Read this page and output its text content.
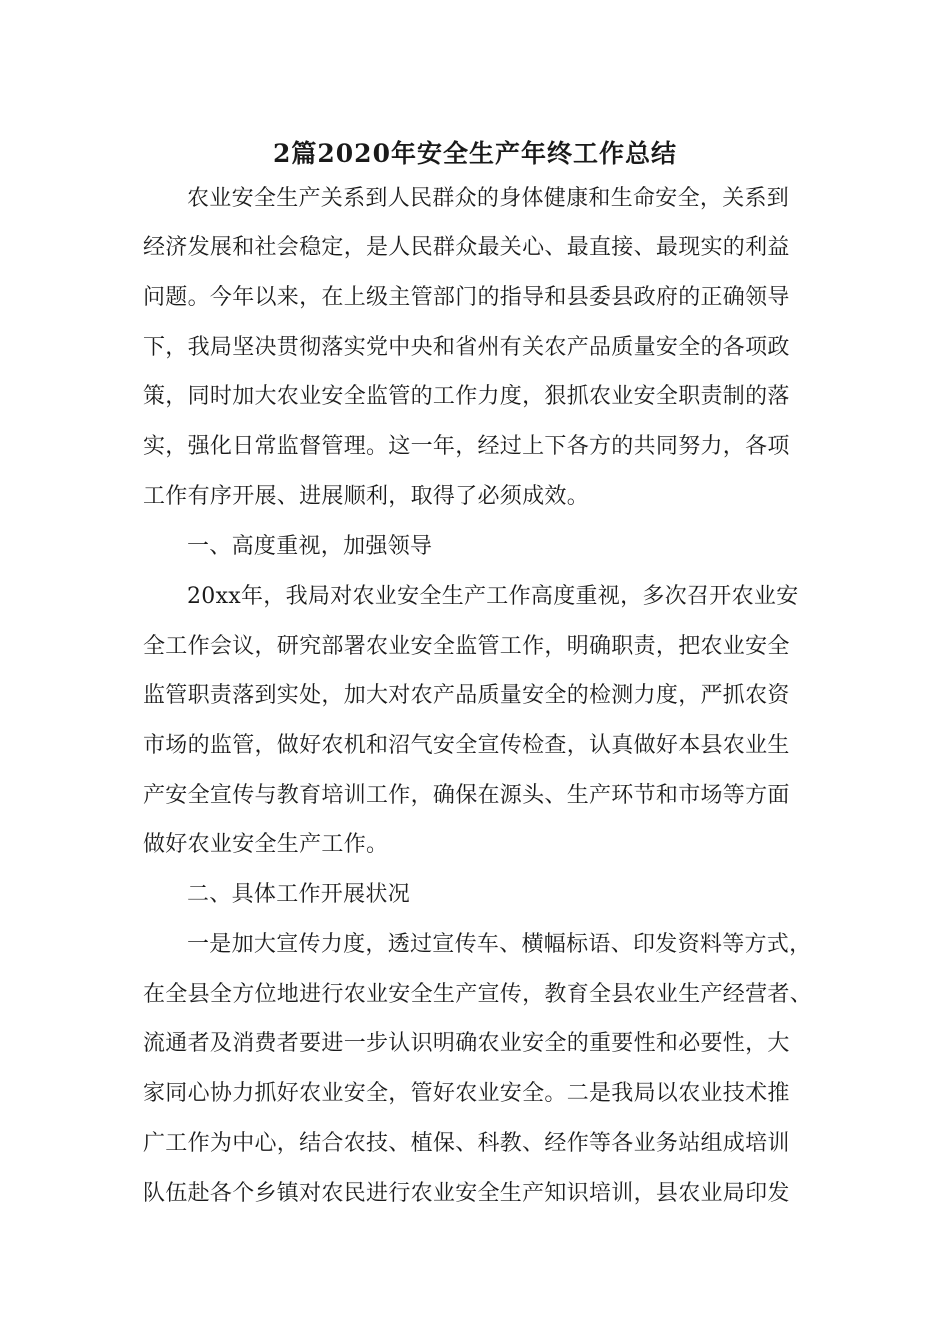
2篇2020年安全生产年终工作总结
农业安全生产关系到人民群众的身体健康和生命安全，关系到
经济发展和社会稳定，是人民群众最关心、最直接、最现实的利益
问题。今年以来，在上级主管部门的指导和县委县政府的正确领导
下，我局坚决贯彻落实党中央和省州有关农产品质量安全的各项政
策，同时加大农业安全监管的工作力度，狠抓农业安全职责制的落
实，强化日常监督管理。这一年，经过上下各方的共同努力，各项
工作有序开展、进展顺利，取得了必须成效。
一、高度重视，加强领导
20xx年，我局对农业安全生产工作高度重视，多次召开农业安
全工作会议，研究部署农业安全监管工作，明确职责，把农业安全
监管职责落到实处，加大对农产品质量安全的检测力度，严抓农资
市场的监管，做好农机和沼气安全宣传检查，认真做好本县农业生
产安全宣传与教育培训工作，确保在源头、生产环节和市场等方面
做好农业安全生产工作。
二、具体工作开展状况
一是加大宣传力度，透过宣传车、横幅标语、印发资料等方式，
在全县全方位地进行农业安全生产宣传，教育全县农业生产经营者、
流通者及消费者要进一步认识明确农业安全的重要性和必要性，大
家同心协力抓好农业安全，管好农业安全。二是我局以农业技术推
广工作为中心，结合农技、植保、科教、经作等各业务站组成培训
队伍赴各个乡镇对农民进行农业安全生产知识培训，县农业局印发
